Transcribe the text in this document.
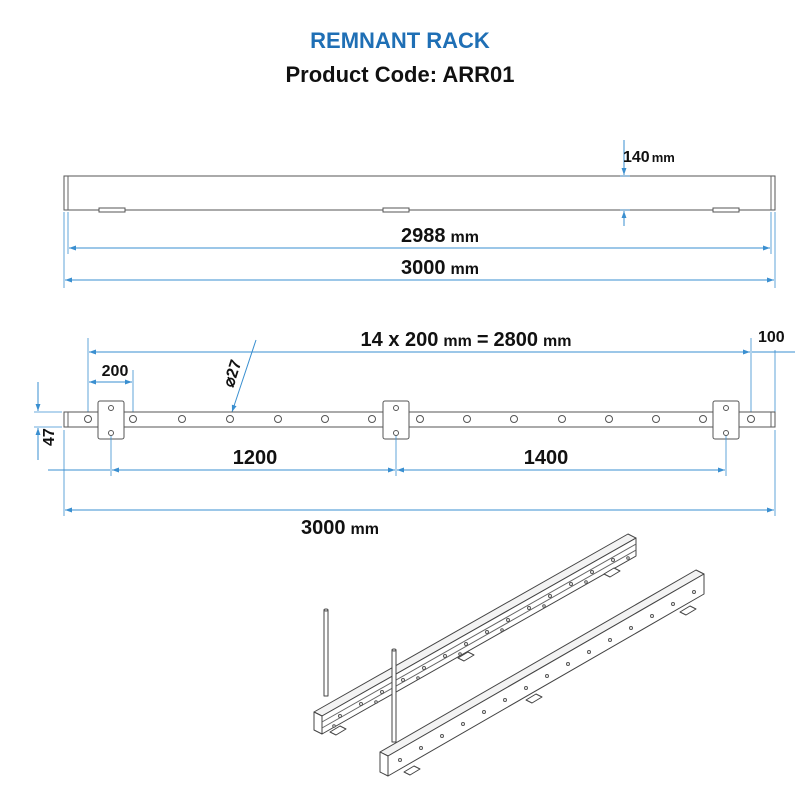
REMNANT RACK
Product Code: ARR01
140 mm
2988 mm
3000 mm
14 x 200 mm = 2800 mm	100
200	⌀27
47
1200	1400
3000 mm
